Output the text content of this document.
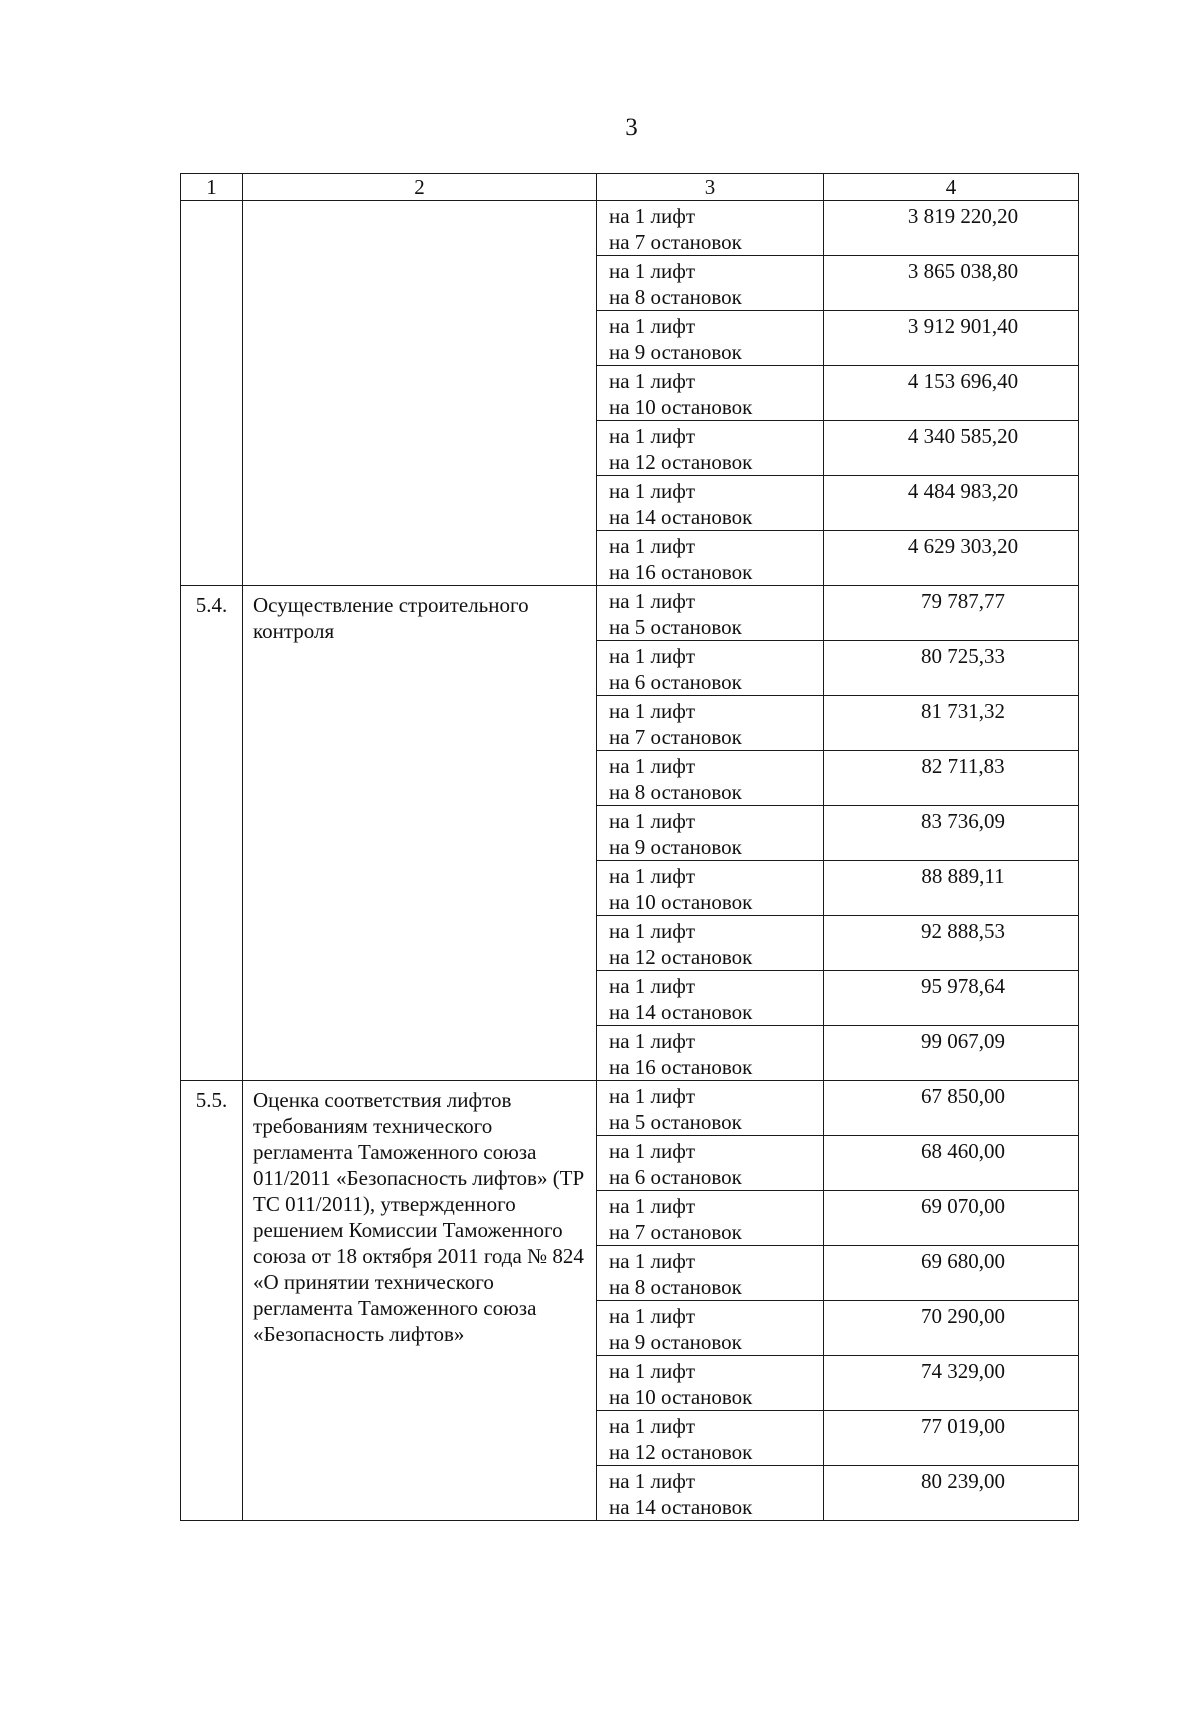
3
1	2	3	4

		на 1 лифт
на 7 остановок	3 819 220,20

		на 1 лифт
на 8 остановок	3 865 038,80

		на 1 лифт
на 9 остановок	3 912 901,40

		на 1 лифт
на 10 остановок	4 153 696,40

		на 1 лифт
на 12 остановок	4 340 585,20

		на 1 лифт
на 14 остановок	4 484 983,20

		на 1 лифт
на 16 остановок	4 629 303,20
5.4.	Осуществление строительного контроля	на 1 лифт
на 5 остановок	79 787,77

		на 1 лифт
на 6 остановок	80 725,33

		на 1 лифт
на 7 остановок	81 731,32

		на 1 лифт
на 8 остановок	82 711,83

		на 1 лифт
на 9 остановок	83 736,09

		на 1 лифт
на 10 остановок	88 889,11

		на 1 лифт
на 12 остановок	92 888,53

		на 1 лифт
на 14 остановок	95 978,64

		на 1 лифт
на 16 остановок	99 067,09
5.5.	Оценка соответствия лифтов требованиям технического регламента Таможенного союза 011/2011 «Безопасность лифтов» (ТР ТС 011/2011), утвержденного решением Комиссии Таможенного союза от 18 октября 2011 года № 824 «О принятии технического регламента Таможенного союза «Безопасность лифтов»	на 1 лифт
на 5 остановок	67 850,00

		на 1 лифт
на 6 остановок	68 460,00

		на 1 лифт
на 7 остановок	69 070,00

		на 1 лифт
на 8 остановок	69 680,00

		на 1 лифт
на 9 остановок	70 290,00

		на 1 лифт
на 10 остановок	74 329,00

		на 1 лифт
на 12 остановок	77 019,00

		на 1 лифт
на 14 остановок	80 239,00
